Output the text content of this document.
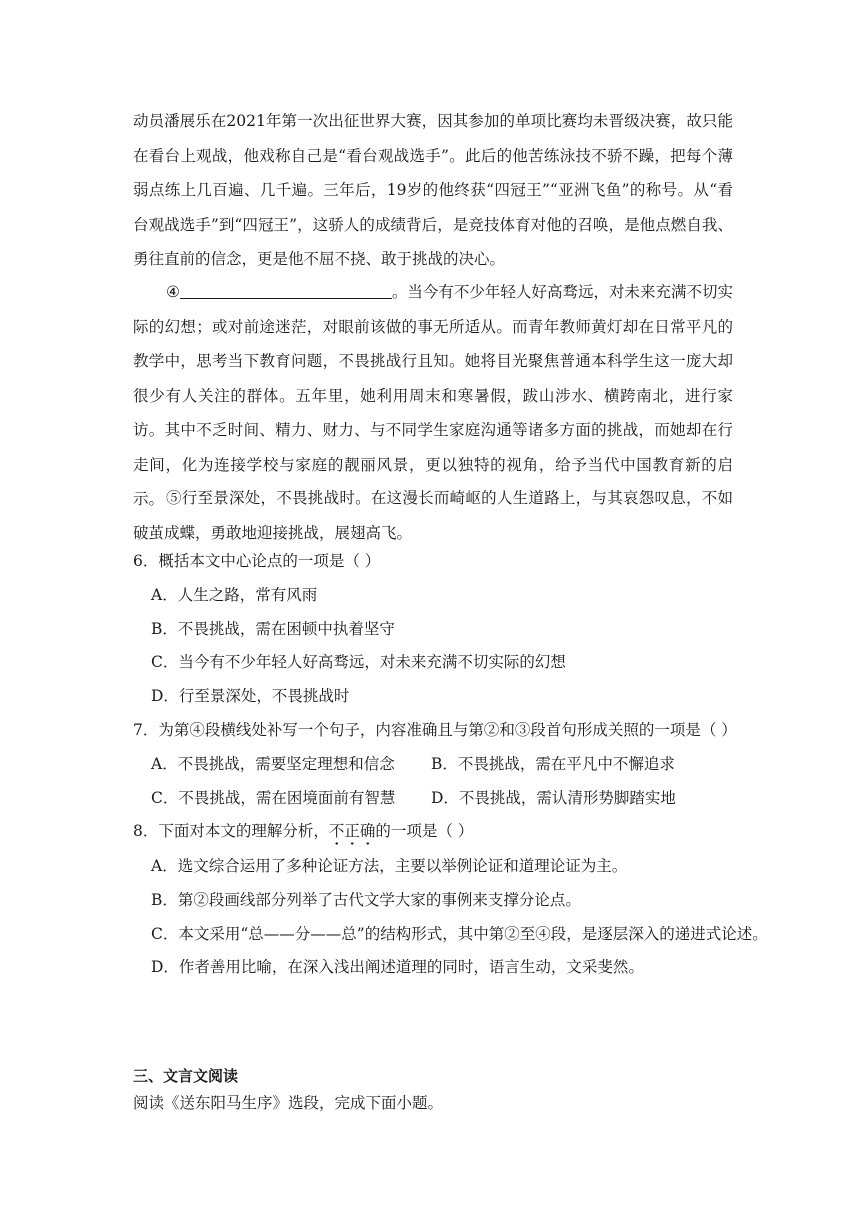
动员潘展乐在2021年第一次出征世界大赛，因其参加的单项比赛均未晋级决赛，故只能在看台上观战，他戏称自己是“看台观战选手”。此后的他苦练泳技不骄不躁，把每个薄弱点练上几百遍、几千遍。三年后，19岁的他终获“四冠王”“亚洲飞鱼”的称号。从“看台观战选手”到“四冠王”，这骄人的成绩背后，是竞技体育对他的召唤，是他点燃自我、勇往直前的信念，更是他不屈不挠、敢于挑战的决心。

④	。当今有不少年轻人好高骛远，对未来充满不切实际的幻想；或对前途迷茫，对眼前该做的事无所适从。而青年教师黄灯却在日常平凡的教学中，思考当下教育问题，不畏挑战行且知。她将目光聚焦普通本科学生这一庞大却很少有人关注的群体。五年里，她利用周末和寒暑假，跋山涉水、横跨南北，进行家访。其中不乏时间、精力、财力、与不同学生家庭沟通等诸多方面的挑战，而她却在行走间，化为连接学校与家庭的靓丽风景，更以独特的视角，给予当代中国教育新的启示。 ⑤行至景深处，不畏挑战时。在这漫长而崎岖的人生道路上，与其哀怨叹息，不如破茧成蝶，勇敢地迎接挑战，展翅高飞。

6．概括本文中心论点的一项是（ ）
A．人生之路，常有风雨
B．不畏挑战，需在困顿中执着坚守
C．当今有不少年轻人好高骛远，对未来充满不切实际的幻想
D．行至景深处，不畏挑战时
7．为第④段横线处补写一个句子，内容准确且与第②和③段首句形成关照的一项是（ ）
A．不畏挑战，需要坚定理想和信念 B．不畏挑战，需在平凡中不懈追求
C．不畏挑战，需在困境面前有智慧 D．不畏挑战，需认清形势脚踏实地
8．下面对本文的理解分析，不正确的一项是（ ）
A．选文综合运用了多种论证方法，主要以举例论证和道理论证为主。
B．第②段画线部分列举了古代文学大家的事例来支撑分论点。
C．本文采用“总——分——总”的结构形式，其中第②至④段，是逐层深入的递进式论述。
D．作者善用比喻，在深入浅出阐述道理的同时，语言生动，文采斐然。
三、文言文阅读
阅读《送东阳马生序》选段，完成下面小题。
